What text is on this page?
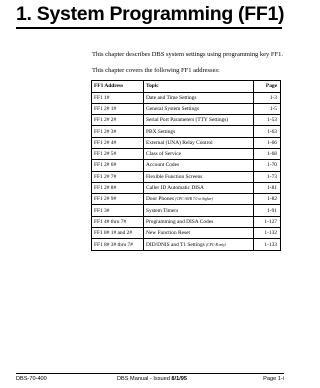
1. System Programming (FF1)
This chapter describes DBS system settings using programming key FF1.
This chapter covers the following FF1 addresses:
FF1 Address	Topic	Page
FF1 1#	Date and Time Settings	1-3
FF1 2# 1#	General System Settings	1-5
FF1 2# 2#	Serial Port Parameters (TTY Settings)	1-53
FF1 2# 3#	PBX Settings	1-63
FF1 2# 4#	External (UNA) Relay Control	1-66
FF1 2# 5#	Class of Service	1-68
FF1 2# 6#	Account Codes	1-70
FF1 2# 7#	Flexible Function Screens	1-73
FF1 2# 8#	Caller ID Automatic DISA	1-81
FF1 2# 9#	Door Phones (CPC-AS/B 7.0 or higher)	1-82
FF1 3#	System Timers	1-91
FF1 4# thru 7#	Programming and DISA Codes	1-127
FF1 8# 1# and 2#	New Function Reset	1-132
FF1 8# 3# thru 7#	DID/DNIS and T1 Settings (CPC-B only)	1-133
DBS-70-400	DBS Manual - Issued 8/1/95	Page 1-i
